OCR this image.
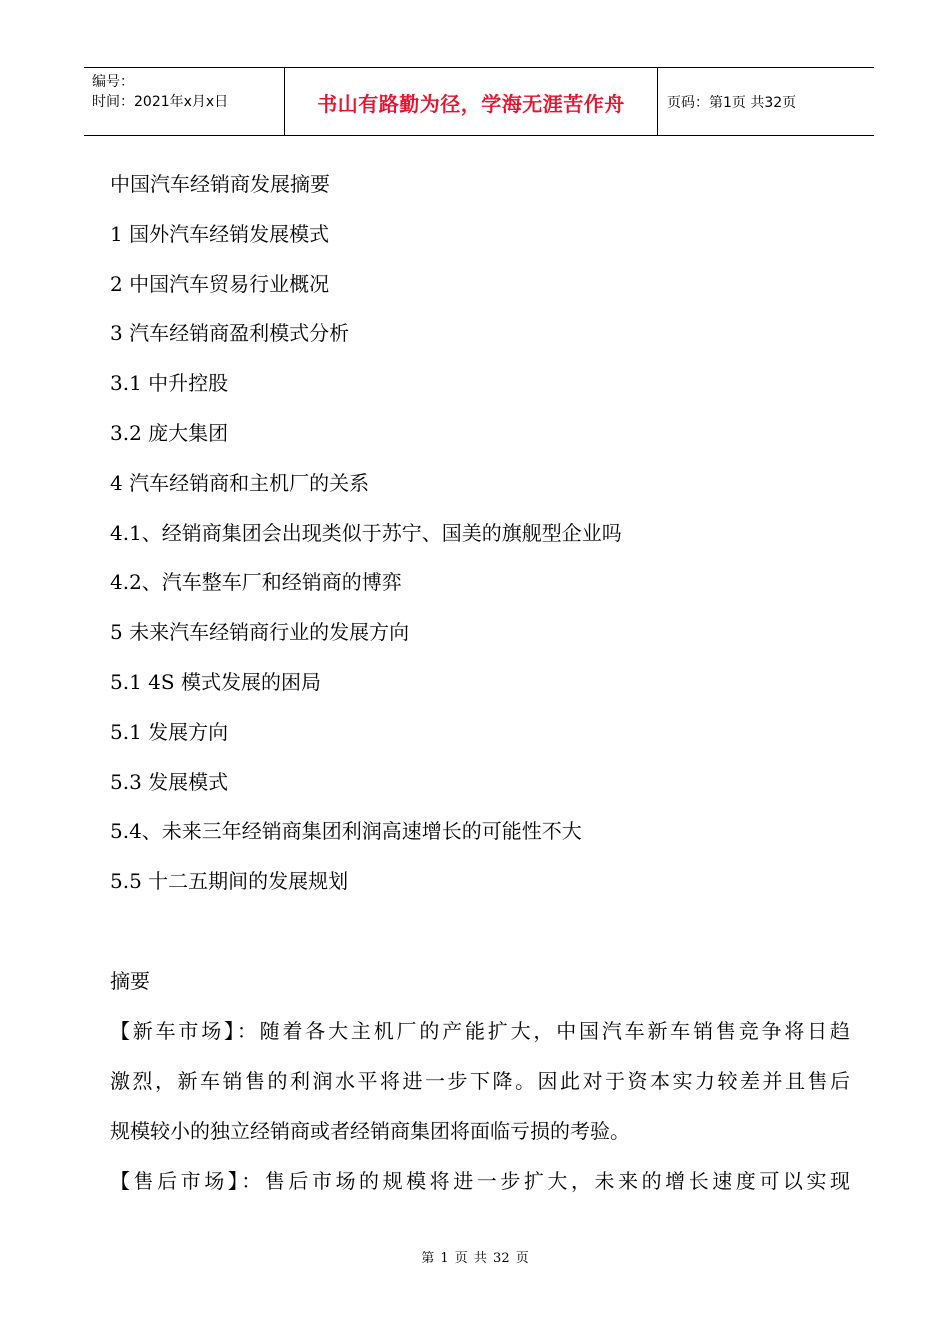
编号：
时间：2021年x月x日	书山有路勤为径，学海无涯苦作舟	页码：第1页 共32页
中国汽车经销商发展摘要
1 国外汽车经销发展模式
2 中国汽车贸易行业概况
3 汽车经销商盈利模式分析
3.1 中升控股
3.2 庞大集团
4 汽车经销商和主机厂的关系
4.1、经销商集团会出现类似于苏宁、国美的旗舰型企业吗
4.2、汽车整车厂和经销商的博弈
5 未来汽车经销商行业的发展方向
5.1 4S 模式发展的困局
5.1 发展方向
5.3 发展模式
5.4、未来三年经销商集团利润高速增长的可能性不大
5.5 十二五期间的发展规划
摘要
【新车市场】：随着各大主机厂的产能扩大，中国汽车新车销售竞争将日趋
激烈，新车销售的利润水平将进一步下降。因此对于资本实力较差并且售后
规模较小的独立经销商或者经销商集团将面临亏损的考验。
【售后市场】：售后市场的规模将进一步扩大，未来的增长速度可以实现
第 1 页 共 32 页
